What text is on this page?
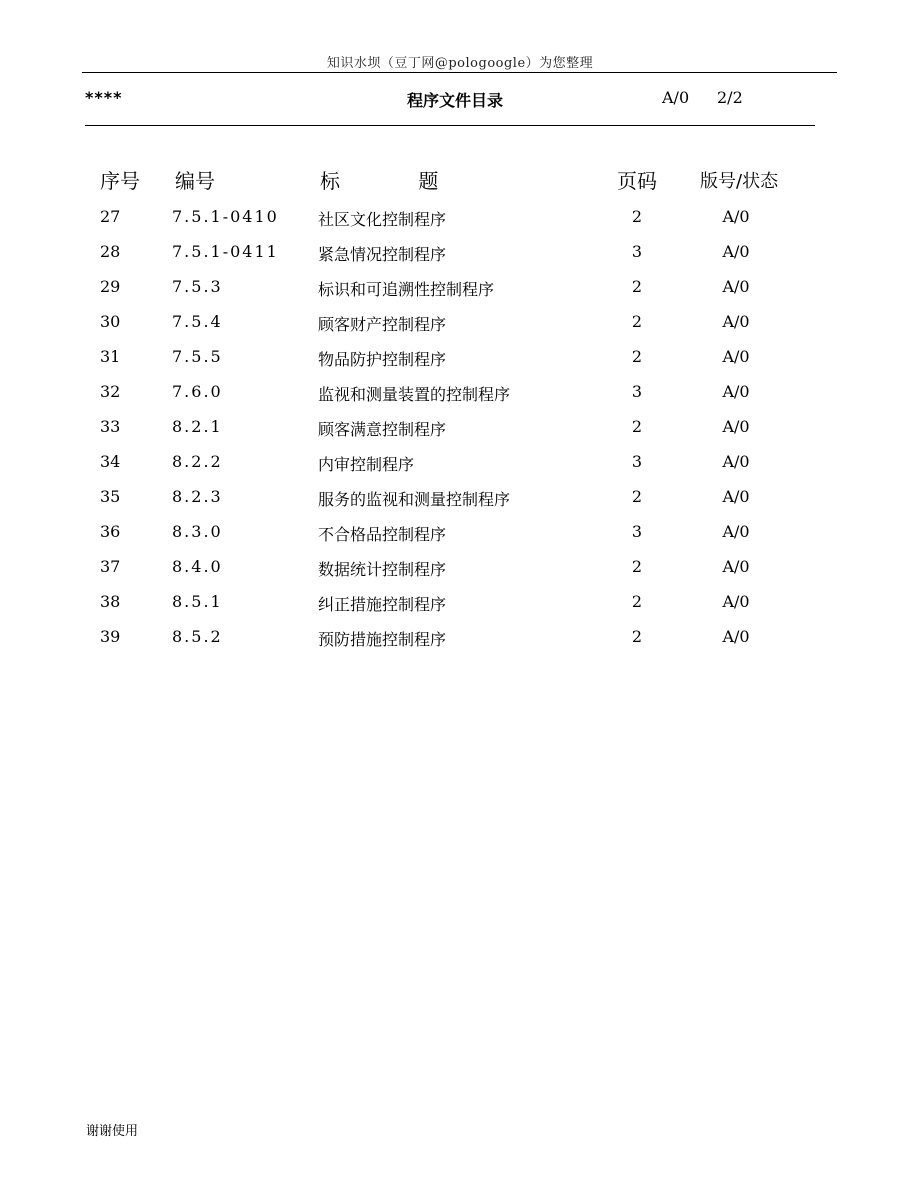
知识水坝（豆丁网@pologoogle）为您整理
****	程序文件目录	A/0 2/2
序号 编号	标 题	页码 版号/状态
27	7.5.1-0410 社区文化控制程序	2	A/0
28	7.5.1-0411 紧急情况控制程序	3	A/0
29	7.5.3	标识和可追溯性控制程序	2	A/0
30	7.5.4	顾客财产控制程序	2	A/0
31	7.5.5	物品防护控制程序	2	A/0
32	7.6.0	监视和测量装置的控制程序	3	A/0
33	8.2.1	顾客满意控制程序	2	A/0
34	8.2.2	内审控制程序	3	A/0
35	8.2.3	服务的监视和测量控制程序	2	A/0
36	8.3.0	不合格品控制程序	3	A/0
37	8.4.0	数据统计控制程序	2	A/0
38	8.5.1	纠正措施控制程序	2	A/0
39	8.5.2	预防措施控制程序	2	A/0
谢谢使用
